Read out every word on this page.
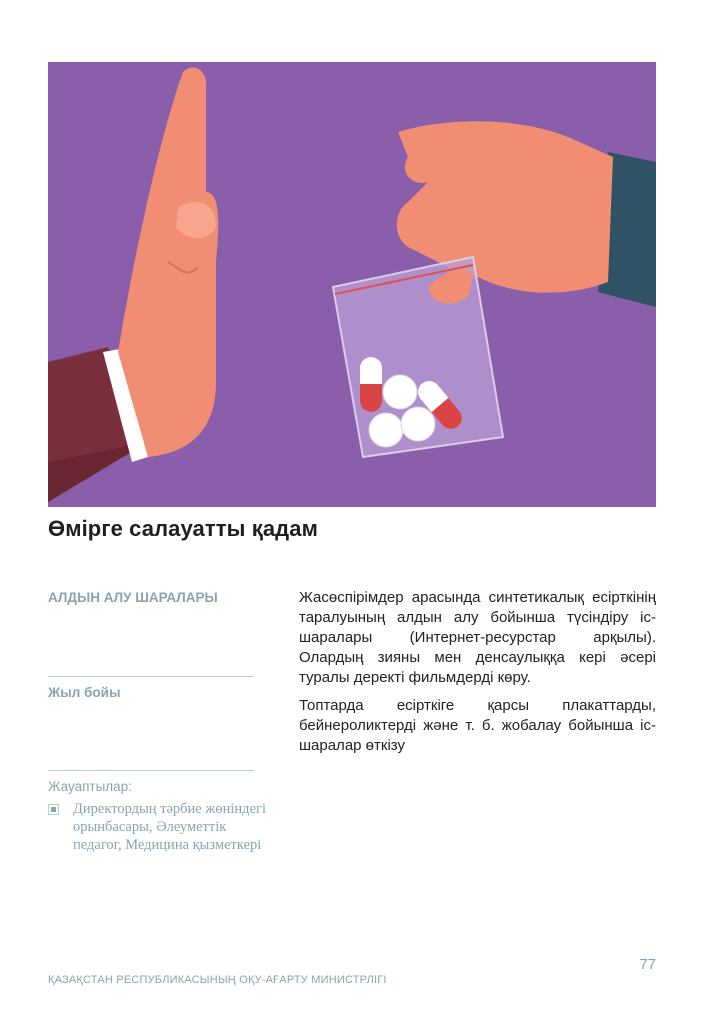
Өмірге салауатты қадам
АЛДЫН АЛУ ШАРАЛАРЫ
Жыл бойы
Жауаптылар:
Директордың тәрбие жөніндегі орынбасары, Әлеуметтік педагог, Медицина қызметкері

Жасөспірімдер арасында синтетикалық есірткінің таралуының алдын алу бойынша түсіндіру іс-шаралары (Интернет-ресурстар арқылы). Олардың зияны мен денсаулыққа кері әсері туралы деректі фильмдерді көру.

Топтарда есірткіге қарсы плакаттарды, бейнероликтерді және т. б. жобалау бойынша іс-шаралар өткізу

77
ҚАЗАҚСТАН РЕСПУБЛИКАСЫНЫҢ ОҚУ-АҒАРТУ МИНИСТРЛІГІ
